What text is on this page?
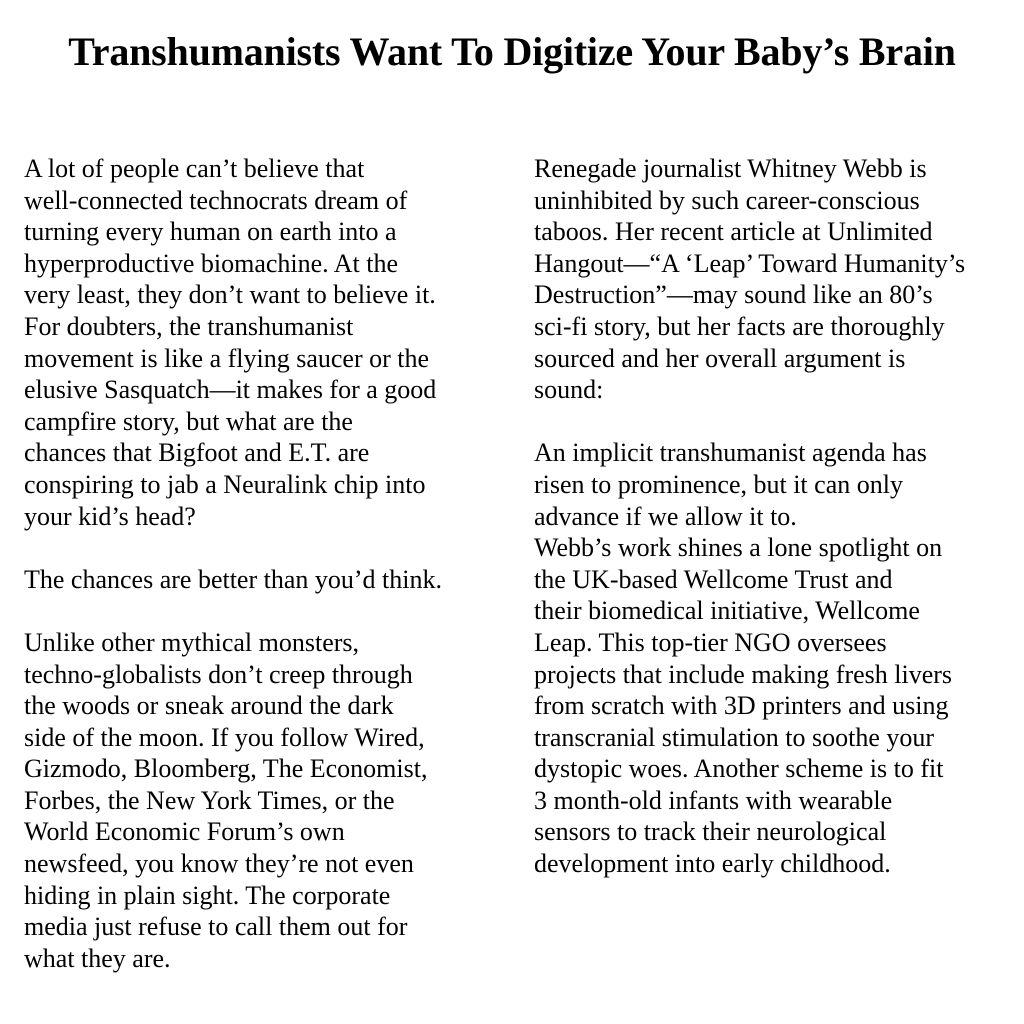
Transhumanists Want To Digitize Your Baby’s Brain
A lot of people can’t believe that
well-connected technocrats dream of
turning every human on earth into a
hyperproductive biomachine. At the
very least, they don’t want to believe it.
For doubters, the transhumanist
movement is like a flying saucer or the
elusive Sasquatch—it makes for a good
campfire story, but what are the
chances that Bigfoot and E.T. are
conspiring to jab a Neuralink chip into
your kid’s head?
The chances are better than you’d think.
Unlike other mythical monsters,
techno-globalists don’t creep through
the woods or sneak around the dark
side of the moon. If you follow Wired,
Gizmodo, Bloomberg, The Economist,
Forbes, the New York Times, or the
World Economic Forum’s own
newsfeed, you know they’re not even
hiding in plain sight. The corporate
media just refuse to call them out for
what they are.
Renegade journalist Whitney Webb is
uninhibited by such career-conscious
taboos. Her recent article at Unlimited
Hangout—“A ‘Leap’ Toward Humanity’s
Destruction”—may sound like an 80’s
sci-fi story, but her facts are thoroughly
sourced and her overall argument is
sound:
An implicit transhumanist agenda has
risen to prominence, but it can only
advance if we allow it to.
Webb’s work shines a lone spotlight on
the UK-based Wellcome Trust and
their biomedical initiative, Wellcome
Leap. This top-tier NGO oversees
projects that include making fresh livers
from scratch with 3D printers and using
transcranial stimulation to soothe your
dystopic woes. Another scheme is to fit
3 month-old infants with wearable
sensors to track their neurological
development into early childhood.
